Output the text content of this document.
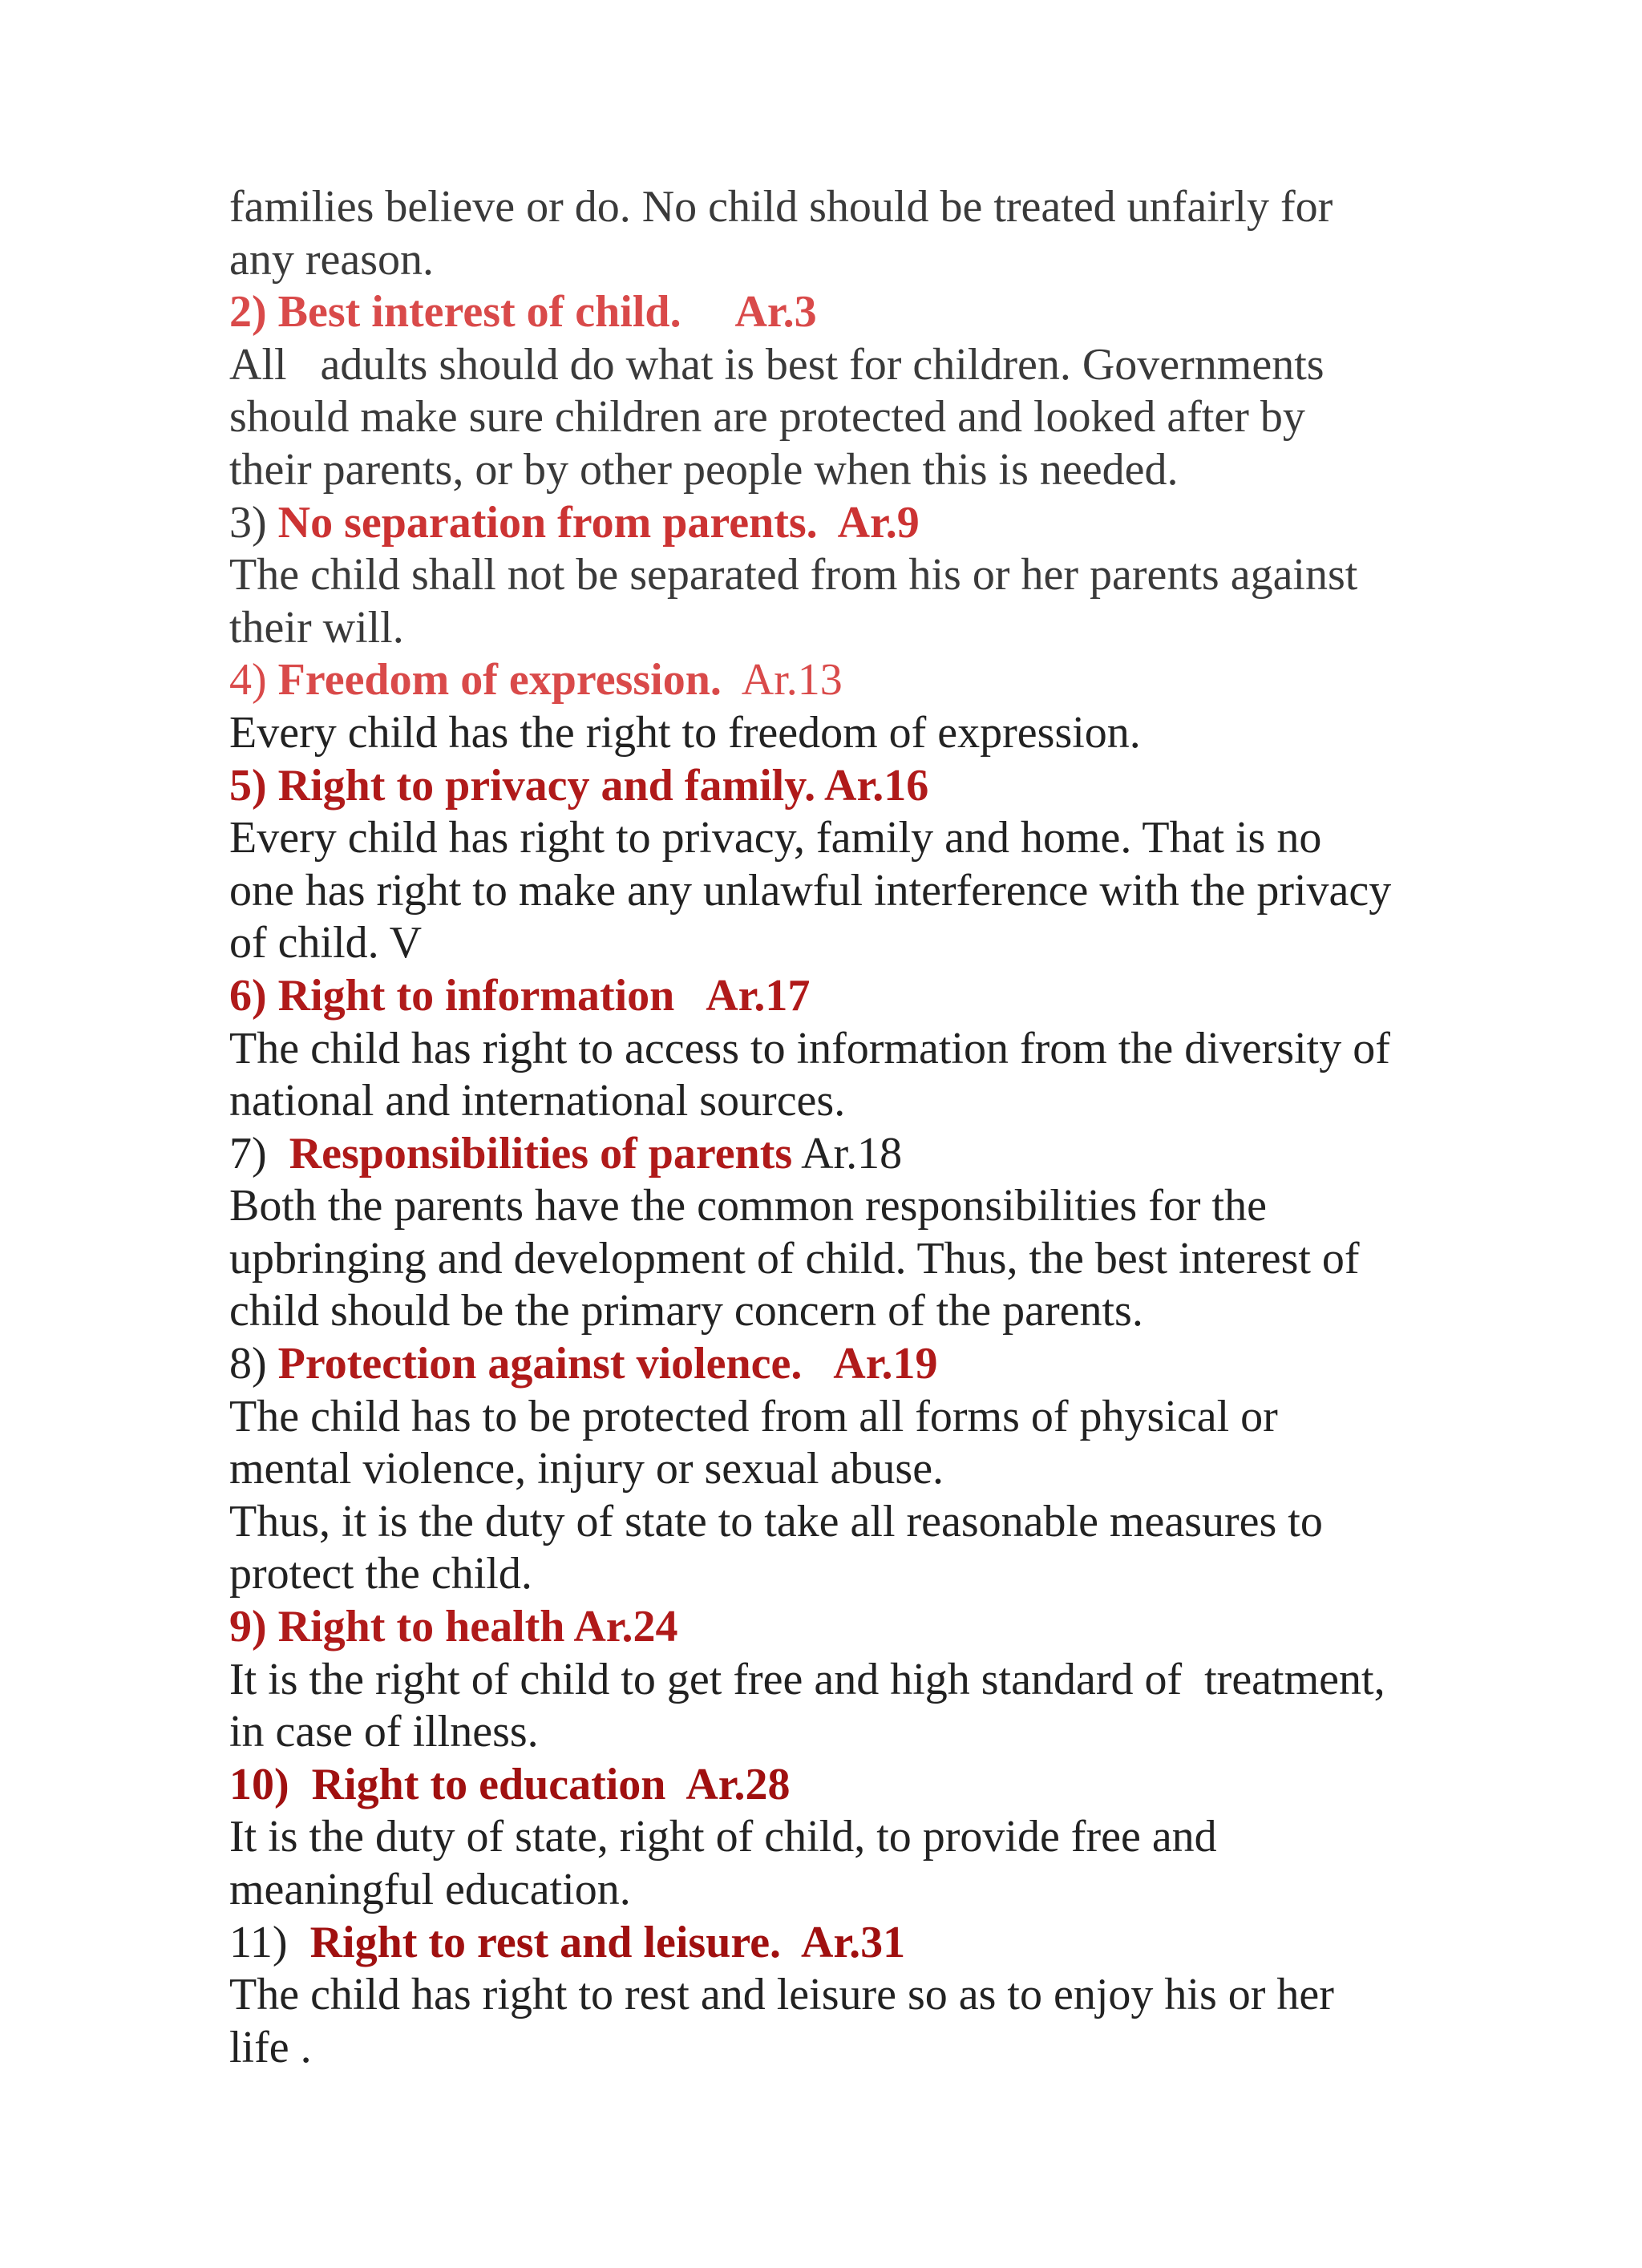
families believe or do. No child should be treated unfairly for
any reason.
2) Best interest of child.     Ar.3
All   adults should do what is best for children. Governments
should make sure children are protected and looked after by
their parents, or by other people when this is needed.
3) No separation from parents.  Ar.9
The child shall not be separated from his or her parents against
their will.
4) Freedom of expression. Ar.13
Every child has the right to freedom of expression.
5) Right to privacy and family. Ar.16
Every child has right to privacy, family and home. That is no
one has right to make any unlawful interference with the privacy
of child. V
6) Right to information   Ar.17
The child has right to access to information from the diversity of
national and international sources.
7) Responsibilities of parents Ar.18
Both the parents have the common responsibilities for the
upbringing and development of child. Thus, the best interest of
child should be the primary concern of the parents.
8) Protection against violence.   Ar.19
The child has to be protected from all forms of physical or
mental violence, injury or sexual abuse.
Thus, it is the duty of state to take all reasonable measures to
protect the child.
9) Right to health Ar.24
It is the right of child to get free and high standard of  treatment,
in case of illness.
10) Right to education  Ar.28
It is the duty of state, right of child, to provide free and
meaningful education.
11) Right to rest and leisure.  Ar.31
The child has right to rest and leisure so as to enjoy his or her
life .
